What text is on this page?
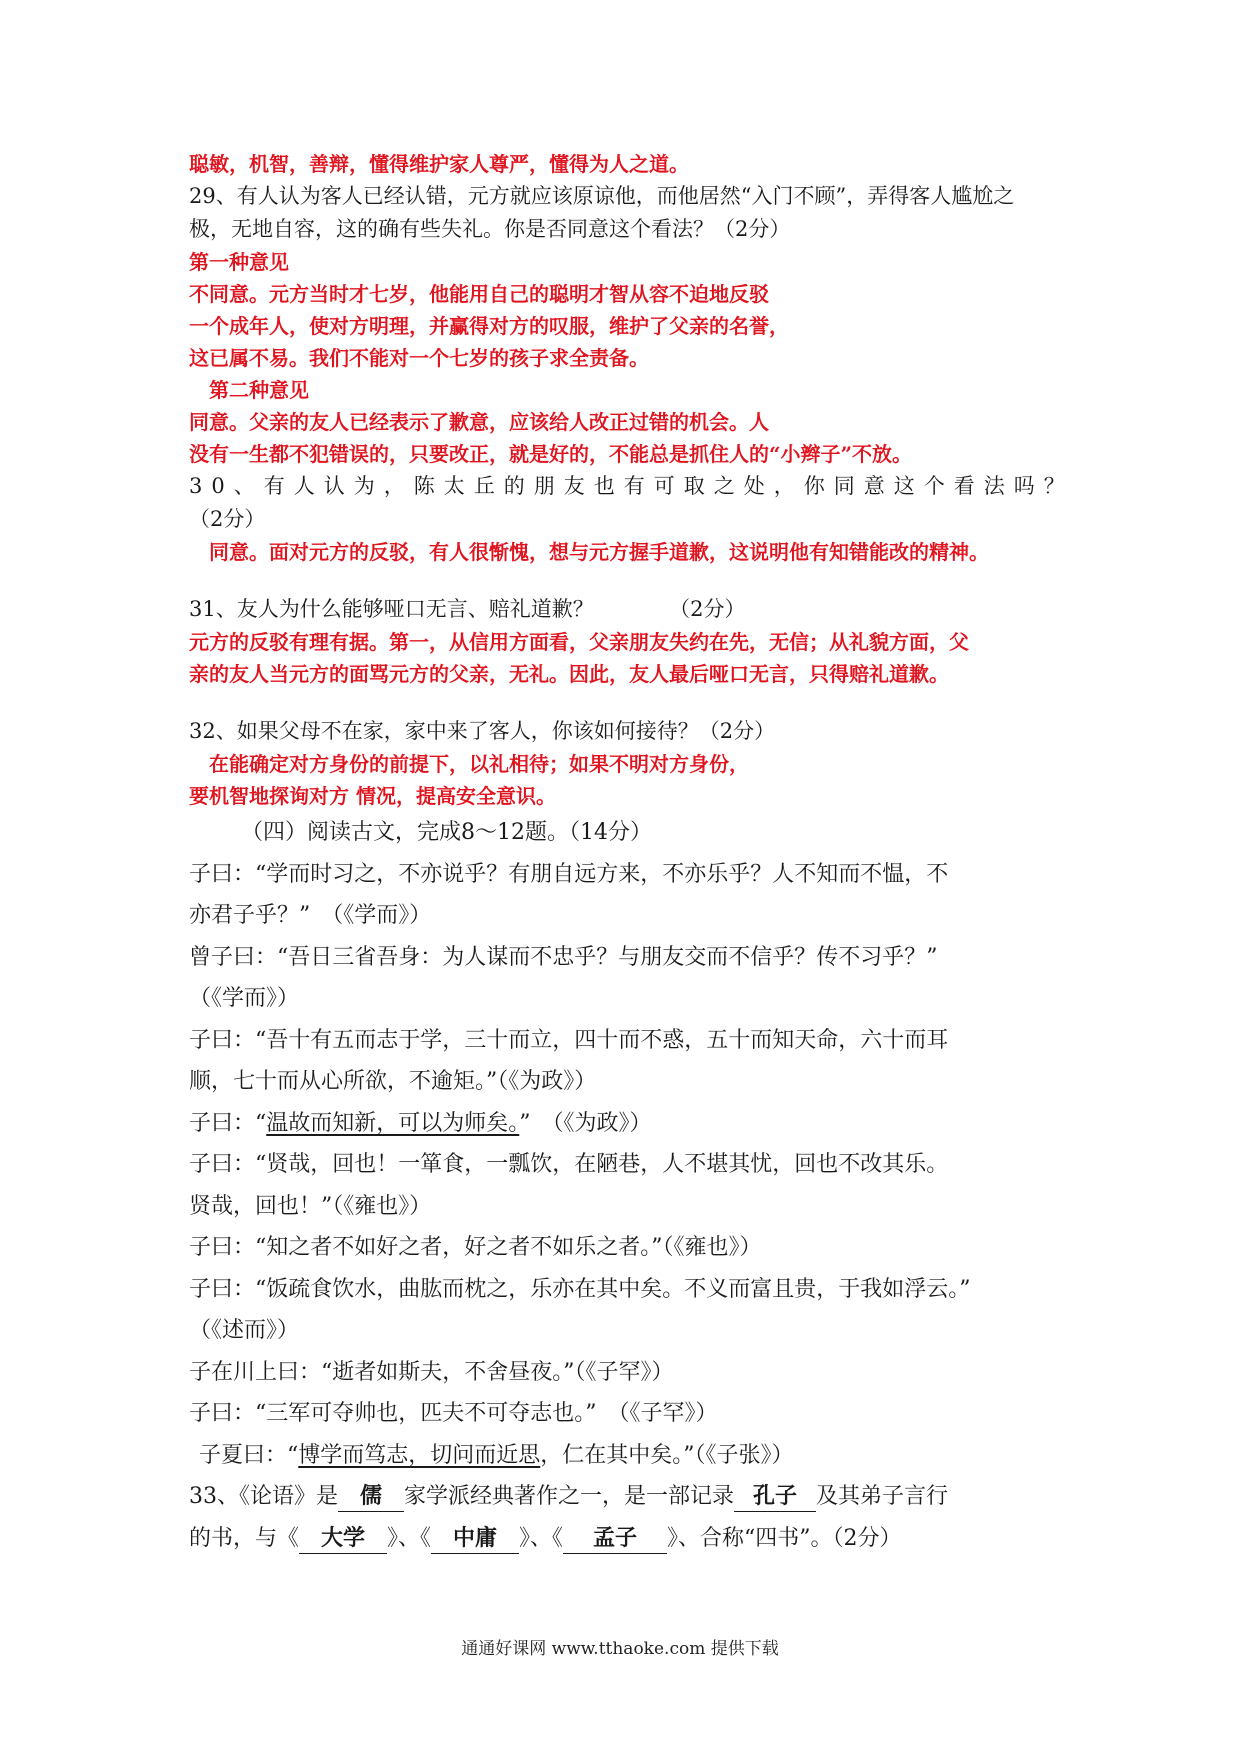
聪敏，机智，善辩，懂得维护家人尊严，懂得为人之道。
29、有人认为客人已经认错，元方就应该原谅他，而他居然“入门不顾”，弄得客人尴尬之
极，无地自容，这的确有些失礼。你是否同意这个看法？（2分）
第一种意见
不同意。元方当时才七岁，他能用自己的聪明才智从容不迫地反驳
一个成年人，使对方明理，并赢得对方的叹服，维护了父亲的名誉，
这已属不易。我们不能对一个七岁的孩子求全责备。
第二种意见
同意。父亲的友人已经表示了歉意，应该给人改正过错的机会。人
没有一生都不犯错误的，只要改正，就是好的，不能总是抓住人的“小辫子”不放。
30、有人认为，陈太丘的朋友也有可取之处，你同意这个看法吗？
（2分）
同意。面对元方的反驳，有人很惭愧，想与元方握手道歉，这说明他有知错能改的精神。
31、友人为什么能够哑口无言、赔礼道歉？	（2分）
元方的反驳有理有据。第一，从信用方面看，父亲朋友失约在先，无信；从礼貌方面，父
亲的友人当元方的面骂元方的父亲，无礼。因此，友人最后哑口无言，只得赔礼道歉。
32、如果父母不在家，家中来了客人，你该如何接待？（2分）
在能确定对方身份的前提下，以礼相待；如果不明对方身份，
要机智地探询对方 情况，提高安全意识。
（四）阅读古文，完成8～12题。（14分）
子曰：“学而时习之，不亦说乎？有朋自远方来，不亦乐乎？人不知而不愠，不
亦君子乎？”　（《学而》）
曾子曰：“吾日三省吾身：为人谋而不忠乎？与朋友交而不信乎？传不习乎？”
（《学而》）
子曰：“吾十有五而志于学，三十而立，四十而不惑，五十而知天命，六十而耳
顺，七十而从心所欲，不逾矩。”（《为政》）
子曰：“温故而知新，可以为师矣。”　（《为政》）
子曰：“贤哉，回也！一箪食，一瓢饮，在陋巷，人不堪其忧，回也不改其乐。
贤哉，回也！”（《雍也》）
子曰：“知之者不如好之者，好之者不如乐之者。”（《雍也》）
子曰：“饭疏食饮水，曲肱而枕之，乐亦在其中矣。不义而富且贵，于我如浮云。”
（《述而》）
子在川上曰：“逝者如斯夫，不舍昼夜。”（《子罕》）
子曰：“三军可夺帅也，匹夫不可夺志也。”　（《子罕》）
子夏曰：“博学而笃志，切问而近思，仁在其中矣。”（《子张》）
33、《论语》是 儒 家学派经典著作之一，是一部记录 孔子 及其弟子言行
的书，与《 大学 》、《 中庸 》、《 孟子 》、合称“四书”。（2分）
通通好课网 www.tthaoke.com 提供下载
